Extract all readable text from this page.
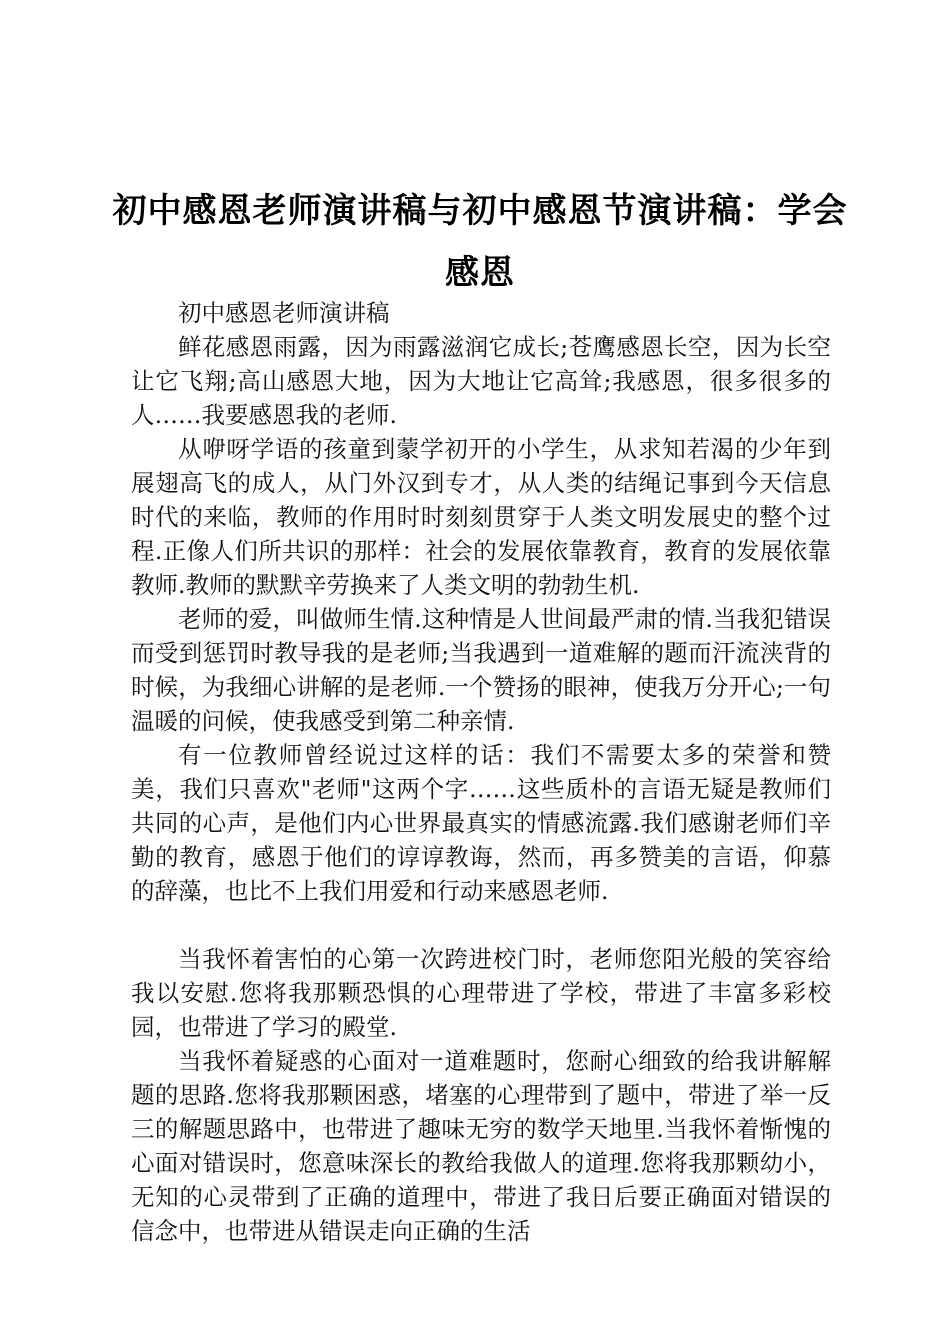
初中感恩老师演讲稿与初中感恩节演讲稿：学会感恩

初中感恩老师演讲稿

鲜花感恩雨露，因为雨露滋润它成长;苍鹰感恩长空，因为长空让它飞翔;高山感恩大地，因为大地让它高耸;我感恩，很多很多的人……我要感恩我的老师.

从咿呀学语的孩童到蒙学初开的小学生，从求知若渴的少年到展翅高飞的成人，从门外汉到专才，从人类的结绳记事到今天信息时代的来临，教师的作用时时刻刻贯穿于人类文明发展史的整个过程.正像人们所共识的那样：社会的发展依靠教育，教育的发展依靠教师.教师的默默辛劳换来了人类文明的勃勃生机.

老师的爱，叫做师生情.这种情是人世间最严肃的情.当我犯错误而受到惩罚时教导我的是老师;当我遇到一道难解的题而汗流浃背的时候，为我细心讲解的是老师.一个赞扬的眼神，使我万分开心;一句温暖的问候，使我感受到第二种亲情.

有一位教师曾经说过这样的话：我们不需要太多的荣誉和赞美，我们只喜欢"老师"这两个字……这些质朴的言语无疑是教师们共同的心声，是他们内心世界最真实的情感流露.我们感谢老师们辛勤的教育，感恩于他们的谆谆教诲，然而，再多赞美的言语，仰慕的辞藻，也比不上我们用爱和行动来感恩老师.

当我怀着害怕的心第一次跨进校门时，老师您阳光般的笑容给我以安慰.您将我那颗恐惧的心理带进了学校，带进了丰富多彩校园，也带进了学习的殿堂.

当我怀着疑惑的心面对一道难题时，您耐心细致的给我讲解解题的思路.您将我那颗困惑，堵塞的心理带到了题中，带进了举一反三的解题思路中，也带进了趣味无穷的数学天地里.当我怀着惭愧的心面对错误时，您意味深长的教给我做人的道理.您将我那颗幼小，无知的心灵带到了正确的道理中，带进了我日后要正确面对错误的信念中，也带进从错误走向正确的生活
